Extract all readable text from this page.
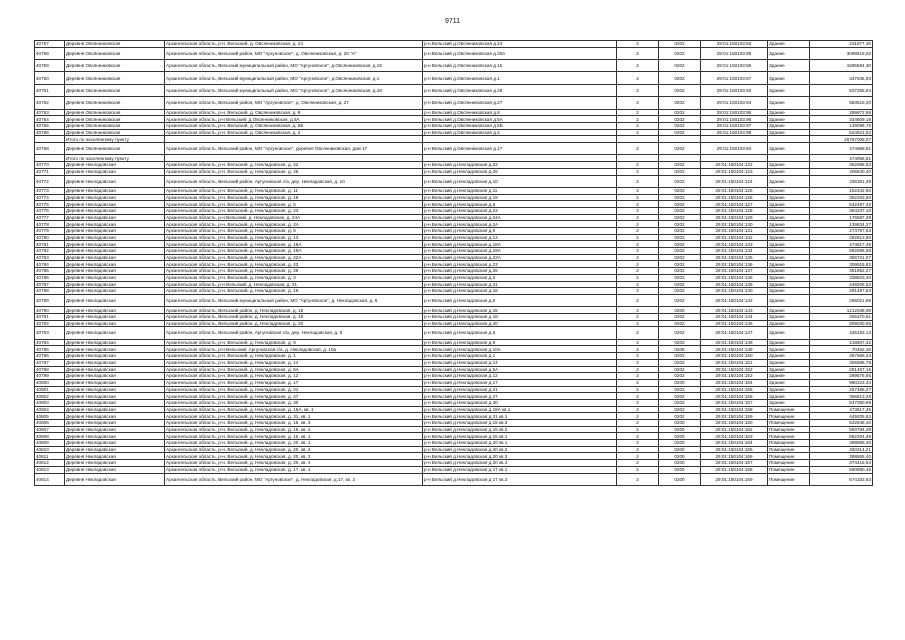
9711
40757	Деревня Овсянниковская	Архангельская область, р-н. Вельский, д. Овсянниковская, д. 24	р-н Вельский д.Овсянниковская д.24	2	0202	29:01:150103:83	Здание	231877,30
40758	Деревня Овсянниковская	Архангельская область, Вельский район, МО "Аргуновское", д. Овсянниковская, д. 20 "А"	р-н Вельский д.Овсянниковская д.20А	2	0202	29:01:150103:85	Здание	3099819,03
40759	Деревня Овсянниковская	Архангельская область, Вельский муниципальный район, МО "Аргуновское", д.Овсянниковская, д.15	р-н Вельский д.Овсянниковская д.15	2	0202	29:01:150103:86	Здание	1585584,40
40760	Деревня Овсянниковская	Архангельская область, Вельский муниципальный район, МО "Аргуновское", д.Овсянниковская, д.1	р-н Вельский д.Овсянниковская д.1	2	0202	29:01:150103:87	Здание	337635,93
40761	Деревня Овсянниковская	Архангельская область, Вельский муниципальный район, МО "Аргуновское", д.Овсянниковская, д.28	р-н Вельский д.Овсянниковская д.28	2	0202	29:01:150103:93	Здание	537255,84
40762	Деревня Овсянниковская	Архангельская область, Вельский район, МО "Аргуновское", д. Овсянниковская, д. 27	р-н Вельский д.Овсянниковская д.27	2	0202	29:01:150103:94	Здание	583519,20
40763	Деревня Овсянниковская	Архангельская область, р-н. Вельский, д. Овсянниковская, д. 8	р-н Вельский д.Овсянниковская д.8	2	0202	29:01:150103:95	Здание	289672,56
40764	Деревня Овсянниковская	Архангельская область, р-н Вельский, д.Овсянниковская, д.5А	р-н Вельский д.Овсянниковская д.5А	2	0202	29:01:150103:96	Здание	334609,18
40765	Деревня Овсянниковская	Архангельская область, р-н. Вельский, д. Овсянниковская, д. 5Б	р-н Вельский д.Овсянниковская д.5Б	2	0202	29:01:150103:97	Здание	149096,76
40766	Деревня Овсянниковская	Архангельская область, р-н. Вельский, д. Овсянниковская, д. 2	р-н Вельский д.Овсянниковская д.2	2	0202	29:01:150103:98	Здание	623621,52
	Итого по населенному пункту							26787008,07
40768	Деревня Овсянниковская	Архангельская область, Вельский район, МО "Аргуновское", деревня Овсянниковская, дом 17	р-н Вельский д.Овсянниковская д.17	2	0202	29:01:150103:84	Здание	474958,81
	Итого по населенному пункту							474958,81
40770	Деревня Некладовская	Архангельская область, р-н. Вельский, д. Некладовская, д. 22	р-н Вельский д.Некладовская д.22	2	0202	29:01:150104:122	Здание	352688,53
40771	Деревня Некладовская	Архангельская область, р-н. Вельский, д. Некладовская, д. 26	р-н Вельский д.Некладовская д.26	2	0202	29:01:150104:123	Здание	405840,40
40772	Деревня Некладовская	Архангельская область, Вельский район, Аргуновская с/а, дер. Некладовская, д. 10	р-н Вельский д.Некладовская д.10	2	0202	29:01:150104:124	Здание	336351,39
40773	Деревня Некладовская	Архангельская область, р-н. Вельский, д. Некладовская, д. 11	р-н Вельский д.Некладовская д.11	2	0202	29:01:150104:125	Здание	152342,50
40774	Деревня Некладовская	Архангельская область, р-н. Вельский, д. Некладовская, д. 19	р-н Вельский д.Некладовская д.19	2	0202	29:01:150104:126	Здание	352263,50
40775	Деревня Некладовская	Архангельская область, р-н. Вельский, д. Некладовская, д. 5	р-н Вельский д.Некладовская д.5	2	0202	29:01:150104:127	Здание	542497,42
40776	Деревня Некладовская	Архангельская область, р-н. Вельский, д. Некладовская, д. 23	р-н Вельский д.Некладовская д.23	2	0202	29:01:150104:128	Здание	364237,10
40777	Деревня Некладовская	Архангельская область, р-н Вельский, д. Некладовская, д. 24А	р-н Вельский д.Некладовская д.24А	2	0202	29:01:150104:129	Здание	176587,38
40778	Деревня Некладовская	Архангельская область, р-н. Вельский, д. Некладовская, д. 2А	р-н Вельский д.Некладовская д.2А	2	0202	29:01:150104:130	Здание	139834,27
40779	Деревня Некладовская	Архангельская область, р-н. Вельский, д. Некладовская, д. 6	р-н Вельский д.Некладовская д.6	2	0202	29:01:150104:131	Здание	274797,63
40780	Деревня Некладовская	Архангельская область, р-н. Вельский, д. Некладовская, д. 13	р-н Вельский д.Некладовская д.13	2	0202	29:01:150104:132	Здание	282813,80
40781	Деревня Некладовская	Архангельская область, р-н. Вельский, д. Некладовская, д. 18А	р-н Вельский д.Некладовская д.18А	2	0202	29:01:150104:133	Здание	473817,45
40782	Деревня Некладовская	Архангельская область, р-н. Вельский, д. Некладовская, д. 19А	р-н Вельский д.Некладовская д.19А	2	0202	29:01:150104:134	Здание	692696,56
40783	Деревня Некладовская	Архангельская область, р-н. Вельский, д. Некладовская, д. 22А	р-н Вельский д.Некладовская д.22А	2	0202	29:01:150104:135	Здание	356721,07
40784	Деревня Некладовская	Архангельская область, р-н. Вельский, д. Некладовская, д. 23	р-н Вельский д.Некладовская д.23	2	0202	29:01:150104:136	Здание	309915,82
40785	Деревня Некладовская	Архангельская область, р-н. Вельский, д. Некладовская, д. 25	р-н Вельский д.Некладовская д.25	2	0202	29:01:150104:137	Здание	351852,27
40786	Деревня Некладовская	Архангельская область, р-н. Вельский, д. Некладовская, д. 3	р-н Вельский д.Некладовская д.3	2	0202	29:01:150104:138	Здание	338823,40
40787	Деревня Некладовская	Архангельская область, р-н Вельский, д. Некладовская, д. 31	р-н Вельский д.Некладовская д.31	2	0202	29:01:150104:139	Здание	449205,52
40788	Деревня Некладовская	Архангельская область, р-н. Вельский, д. Некладовская, д. 16	р-н Вельский д.Некладовская д.16	2	0202	29:01:150104:140	Здание	291487,53
40789	Деревня Некладовская	Архангельская область, Вельский муниципальный район, МО "Аргуновское", д. Некладовская, д. 6	р-н Вельский д.Некладовская д.6	2	0202	29:01:150104:142	Здание	266021,96
40790	Деревня Некладовская	Архангельская область, Вельский район, д. Некладовская, д. 15	р-н Вельский д.Некладовская д.15	2	0200	29:01:150104:143	Здание	1212038,08
40791	Деревня Некладовская	Архангельская область, Вельский район, д. Некладовская, д. 18	р-н Вельский д.Некладовская д.18	2	0202	29:01:150104:144	Здание	265370,81
40792	Деревня Некладовская	Архангельская область, Вельский район, д. Некладовская, д. 20	р-н Вельский д.Некладовская д.20	2	0202	29:01:150104:146	Здание	609030,56
40793	Деревня Некладовская	Архангельская область, Вельский район, Аргуновская с/а, дер. Некладовская, д. 5	р-н Вельский д.Некладовская д.5	2	0202	29:01:150104:147	Здание	425183,13
40794	Деревня Некладовская	Архангельская область, р-н. Вельский, д. Некладовская, д. 9	р-н Вельский д.Некладовская д.9	2	0202	29:01:150104:148	Здание	218807,32
40795	Деревня Некладовская	Архангельская область, р-н Вельский, Аргуновская с/а, д. Некладовская, д. 10а	р-н Вельский д.Некладовская д.10А	2	0206	29:01:150104:149	Здание	70452,18
40796	Деревня Некладовская	Архангельская область, р-н. Вельский, д. Некладовская, д. 1	р-н Вельский д.Некладовская д.1	2	0202	29:01:150104:150	Здание	357566,34
40797	Деревня Некладовская	Архангельская область, р-н. Вельский, д. Некладовская, д. 14	р-н Вельский д.Некладовская д.14	2	0202	29:01:150104:151	Здание	306585,78
40798	Деревня Некладовская	Архангельская область, р-н. Вельский, д. Некладовская, д. 5А	р-н Вельский д.Некладовская д.5А	2	0202	29:01:150104:152	Здание	281457,15
40799	Деревня Некладовская	Архангельская область, р-н. Вельский, д. Некладовская, д. 12	р-н Вельский д.Некладовская д.12	2	0202	29:01:150104:153	Здание	289678,86
40800	Деревня Некладовская	Архангельская область, р-н. Вельский, д. Некладовская, д. 17	р-н Вельский д.Некладовская д.17	2	0200	29:01:150104:154	Здание	990223,34
40801	Деревня Некладовская	Архангельская область, р-н. Вельский, д. Некладовская, д. 21	р-н Вельский д.Некладовская д.21	2	0202	29:01:150104:155	Здание	267486,27
40802	Деревня Некладовская	Архангельская область, р-н. Вельский, д. Некладовская, д. 27	р-н Вельский д.Некладовская д.27	2	0202	29:01:150104:156	Здание	356613,28
40803	Деревня Некладовская	Архангельская область, р-н. Вельский, д. Некладовская, д. 30	р-н Вельский д.Некладовская д.30	2	0202	29:01:150104:157	Здание	547080,99
40804	Деревня Некладовская	Архангельская область, р-н. Вельский, д. Некладовская, д. 18А, кв. 1	р-н Вельский д.Некладовская д.18А кв.1	2	0202	29:01:150104:158	Помещение	473817,45
40805	Деревня Некладовская	Архангельская область, р-н. Вельский, д. Некладовская, д. 31, кв. 1	р-н Вельский д.Некладовская д.31 кв.1	2	0202	29:01:150104:159	Помещение	449205,52
40806	Деревня Некладовская	Архангельская область, р-н. Вельский, д. Некладовская, д. 15, кв. 3	р-н Вельский д.Некладовская д.15 кв.3	2	0200	29:01:150104:160	Помещение	542648,40
40807	Деревня Некладовская	Архангельская область, р-н. Вельский, д. Некладовская, д. 15, кв. 2	р-н Вельский д.Некладовская д.15 кв.2	2	0200	29:01:150104:162	Помещение	593784,39
40808	Деревня Некладовская	Архангельская область, р-н. Вельский, д. Некладовская, д. 15, кв. 1	р-н Вельский д.Некладовская д.15 кв.1	2	0200	29:01:150104:163	Помещение	582304,48
40809	Деревня Некладовская	Архангельская область, р-н. Вельский, д. Некладовская, д. 20, кв. 1	р-н Вельский д.Некладовская д.20 кв.1	2	0200	29:01:150104:164	Помещение	399885,40
40810	Деревня Некладовская	Архангельская область, р-н. Вельский, д. Некладовская, д. 20, кв. 2	р-н Вельский д.Некладовская д.20 кв.2	2	0200	29:01:150104:165	Помещение	450314,21
40811	Деревня Некладовская	Архангельская область, р-н. Вельский, д. Некладовская, д. 20, кв. 3	р-н Вельский д.Некладовская д.20 кв.3	2	0200	29:01:150104:166	Помещение	398865,40
40812	Деревня Некладовская	Архангельская область, р-н. Вельский, д. Некладовская, д. 20, кв. 4	р-н Вельский д.Некладовская д.20 кв.4	2	0200	29:01:150104:167	Помещение	374415,54
40813	Деревня Некладовская	Архангельская область, р-н. Вельский, д. Некладовская, д. 17, кв. 1	р-н Вельский д.Некладовская д.17 кв.1	2	0200	29:01:150104:168	Помещение	560890,46
40814	Деревня Некладовская	Архангельская область, Вельский район, МО "Аргуновское", д. Некладовская, д.17, кв. 2	р-н Вельский д.Некладовская д.17 кв.2	2	0200	29:01:150104:169	Помещение	674183,63
